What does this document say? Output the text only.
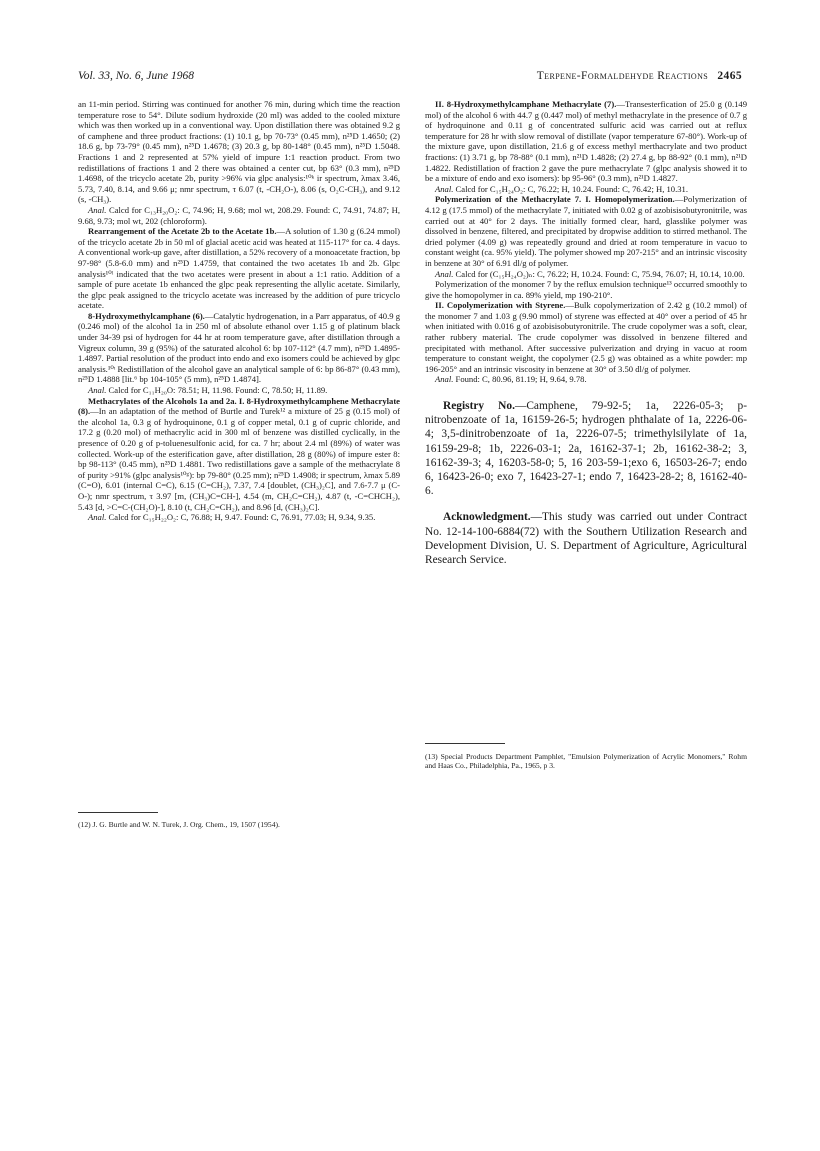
Vol. 33, No. 6, June 1968	Terpene-Formaldehyde Reactions 2465

an 11-min period. Stirring was continued for another 76 min, during which time the reaction temperature rose to 54°. Dilute sodium hydroxide (20 ml) was added to the cooled mixture which was then worked up in a conventional way. Upon distillation there was obtained 9.2 g of camphene and three product fractions: (1) 10.1 g, bp 70-73° (0.45 mm), n²⁵D 1.4650; (2) 18.6 g, bp 73-79° (0.45 mm), n²⁵D 1.4678; (3) 20.3 g, bp 80-148° (0.45 mm), n²⁵D 1.5048. Fractions 1 and 2 represented at 57% yield of impure 1:1 reaction product. From two redistillations of fractions 1 and 2 there was obtained a center cut, bp 63° (0.3 mm), n²⁵D 1.4698, of the tricyclo acetate 2b, purity >96% via glpc analysis:¹⁰ᵏ ir spectrum, λmax 3.46, 5.73, 7.40, 8.14, and 9.66 μ; nmr spectrum, τ 6.07 (t, -CH₂O-), 8.06 (s, O₂C-CH₃), and 9.12 (s, -CH₃).

Anal. Calcd for C₁₃H₂₀O₂: C, 74.96; H, 9.68; mol wt, 208.29. Found: C, 74.91, 74.87; H, 9.68, 9.73; mol wt, 202 (chloroform).

Rearrangement of the Acetate 2b to the Acetate 1b.—A solution of 1.30 g (6.24 mmol) of the tricyclo acetate 2b in 50 ml of glacial acetic acid was heated at 115-117° for ca. 4 days. A conventional work-up gave, after distillation, a 52% recovery of a monoacetate fraction, bp 97-98° (5.8-6.0 mm) and n²⁵D 1.4759, that contained the two acetates 1b and 2b. Glpc analysis¹⁰ˡ indicated that the two acetates were present in about a 1:1 ratio. Addition of a sample of pure acetate 1b enhanced the glpc peak representing the allylic acetate. Similarly, the glpc peak assigned to the tricyclo acetate was increased by the addition of pure tricyclo acetate.

8-Hydroxymethylcamphane (6).—Catalytic hydrogenation, in a Parr apparatus, of 40.9 g (0.246 mol) of the alcohol 1a in 250 ml of absolute ethanol over 1.15 g of platinum black under 34-39 psi of hydrogen for 44 hr at room temperature gave, after distillation through a Vigreux column, 39 g (95%) of the saturated alcohol 6: bp 107-112° (4.7 mm), n²⁵D 1.4895-1.4897. Partial resolution of the product into endo and exo isomers could be achieved by glpc analysis.¹⁰ᶦ Redistillation of the alcohol gave an analytical sample of 6: bp 86-87° (0.43 mm), n²⁵D 1.4888 [lit.⁶ bp 104-105° (5 mm), n²⁵D 1.4874].

Anal. Calcd for C₁₁H₂₀O: 78.51; H, 11.98. Found: C, 78.50; H, 11.89.

Methacrylates of the Alcohols 1a and 2a. I. 8-Hydroxymethylcamphene Methacrylate (8).—In an adaptation of the method of Burtle and Turek¹² a mixture of 25 g (0.15 mol) of the alcohol 1a, 0.3 g of hydroquinone, 0.1 g of copper metal, 0.1 g of cupric chloride, and 17.2 g (0.20 mol) of methacrylic acid in 300 ml of benzene was distilled cyclically, in the presence of 0.20 g of p-toluenesulfonic acid, for ca. 7 hr; about 2.4 ml (89%) of water was collected. Work-up of the esterification gave, after distillation, 28 g (80%) of impure ester 8: bp 98-113° (0.45 mm), n²⁵D 1.4881. Two redistillations gave a sample of the methacrylate 8 of purity >91% (glpc analysis¹⁰ᵍ): bp 79-80° (0.25 mm); n²⁵D 1.4908; ir spectrum, λmax 5.89 (C=O), 6.01 (internal C=C), 6.15 (C=CH₂), 7.37, 7.4 [doublet, (CH₃)₂C], and 7.6-7.7 μ (C-O-); nmr spectrum, τ 3.97 [m, (CH₃)C=CH-], 4.54 (m, CH₂C=CH₂), 4.87 (t, -C=CHCH₂), 5.43 [d, >C=C-(CH₂O)-], 8.10 (t, CH₂C=CH₂), and 8.96 [d, (CH₃)₂C].

Anal. Calcd for C₁₅H₂₂O₂: C, 76.88; H, 9.47. Found: C, 76.91, 77.03; H, 9.34, 9.35.

(12) J. G. Burtle and W. N. Turek, J. Org. Chem., 19, 1507 (1954).

II. 8-Hydroxymethylcamphane Methacrylate (7).—Transesterfication of 25.0 g (0.149 mol) of the alcohol 6 with 44.7 g (0.447 mol) of methyl methacrylate in the presence of 0.7 g of hydroquinone and 0.11 g of concentrated sulfuric acid was carried out at reflux temperature for 28 hr with slow removal of distillate (vapor temperature 67-80°). Work-up of the mixture gave, upon distillation, 21.6 g of excess methyl merthacrylate and two product fractions: (1) 3.71 g, bp 78-88° (0.1 mm), n²¹D 1.4828; (2) 27.4 g, bp 88-92° (0.1 mm), n²¹D 1.4822. Redistillation of fraction 2 gave the pure methacrylate 7 (glpc analysis showed it to be a mixture of endo and exo isomers): bp 95-96° (0.3 mm), n²¹D 1.4827.

Anal. Calcd for C₁₅H₂₄O₂: C, 76.22; H, 10.24. Found: C, 76.42; H, 10.31.

Polymerization of the Methacrylate 7. I. Homopolymerization.—Polymerization of 4.12 g (17.5 mmol) of the methacrylate 7, initiated with 0.02 g of azobisisobutyronitrile, was carried out at 40° for 2 days. The initially formed clear, hard, glasslike polymer was dissolved in benzene, filtered, and precipitated by dropwise addition to stirred methanol. The dried polymer (4.09 g) was repeatedly ground and dried at room temperature in vacuo to constant weight (ca. 95% yield). The polymer showed mp 207-215° and an intrinsic viscosity in benzene at 30° of 6.91 dl/g of polymer.

Anal. Calcd for (C₁₅H₂₄O₂)ₙ: C, 76.22; H, 10.24. Found: C, 75.94, 76.07; H, 10.14, 10.00.

Polymerization of the monomer 7 by the reflux emulsion technique¹³ occurred smoothly to give the homopolymer in ca. 89% yield, mp 190-210°.

II. Copolymerization with Styrene.—Bulk copolymerization of 2.42 g (10.2 mmol) of the monomer 7 and 1.03 g (9.90 mmol) of styrene was effected at 40° over a period of 45 hr when initiated with 0.016 g of azobisisobutyronitrile. The crude copolymer was a soft, clear, rather rubbery material. The crude copolymer was dissolved in benzene filtered and precipitated with methanol. After successive pulverization and drying in vacuo at room temperature to constant weight, the copolymer (2.5 g) was obtained as a white powder: mp 196-205° and an intrinsic viscosity in benzene at 30° of 3.50 dl/g of polymer.

Anal. Found: C, 80.96, 81.19; H, 9.64, 9.78.

Registry No.—Camphene, 79-92-5; 1a, 2226-05-3; p-nitrobenzoate of 1a, 16159-26-5; hydrogen phthalate of 1a, 2226-06-4; 3,5-dinitrobenzoate of 1a, 2226-07-5; trimethylsilylate of 1a, 16159-29-8; 1b, 2226-03-1; 2a, 16162-37-1; 2b, 16162-38-2; 3, 16162-39-3; 4, 16203-58-0; 5, 16 203-59-1;exo 6, 16503-26-7; endo 6, 16423-26-0; exo 7, 16423-27-1; endo 7, 16423-28-2; 8, 16162-40-6.

Acknowledgment.—This study was carried out under Contract No. 12-14-100-6884(72) with the Southern Utilization Research and Development Division, U. S. Department of Agriculture, Agricultural Research Service.

(13) Special Products Department Pamphlet, "Emulsion Polymerization of Acrylic Monomers," Rohm and Haas Co., Philadelphia, Pa., 1965, p 3.
